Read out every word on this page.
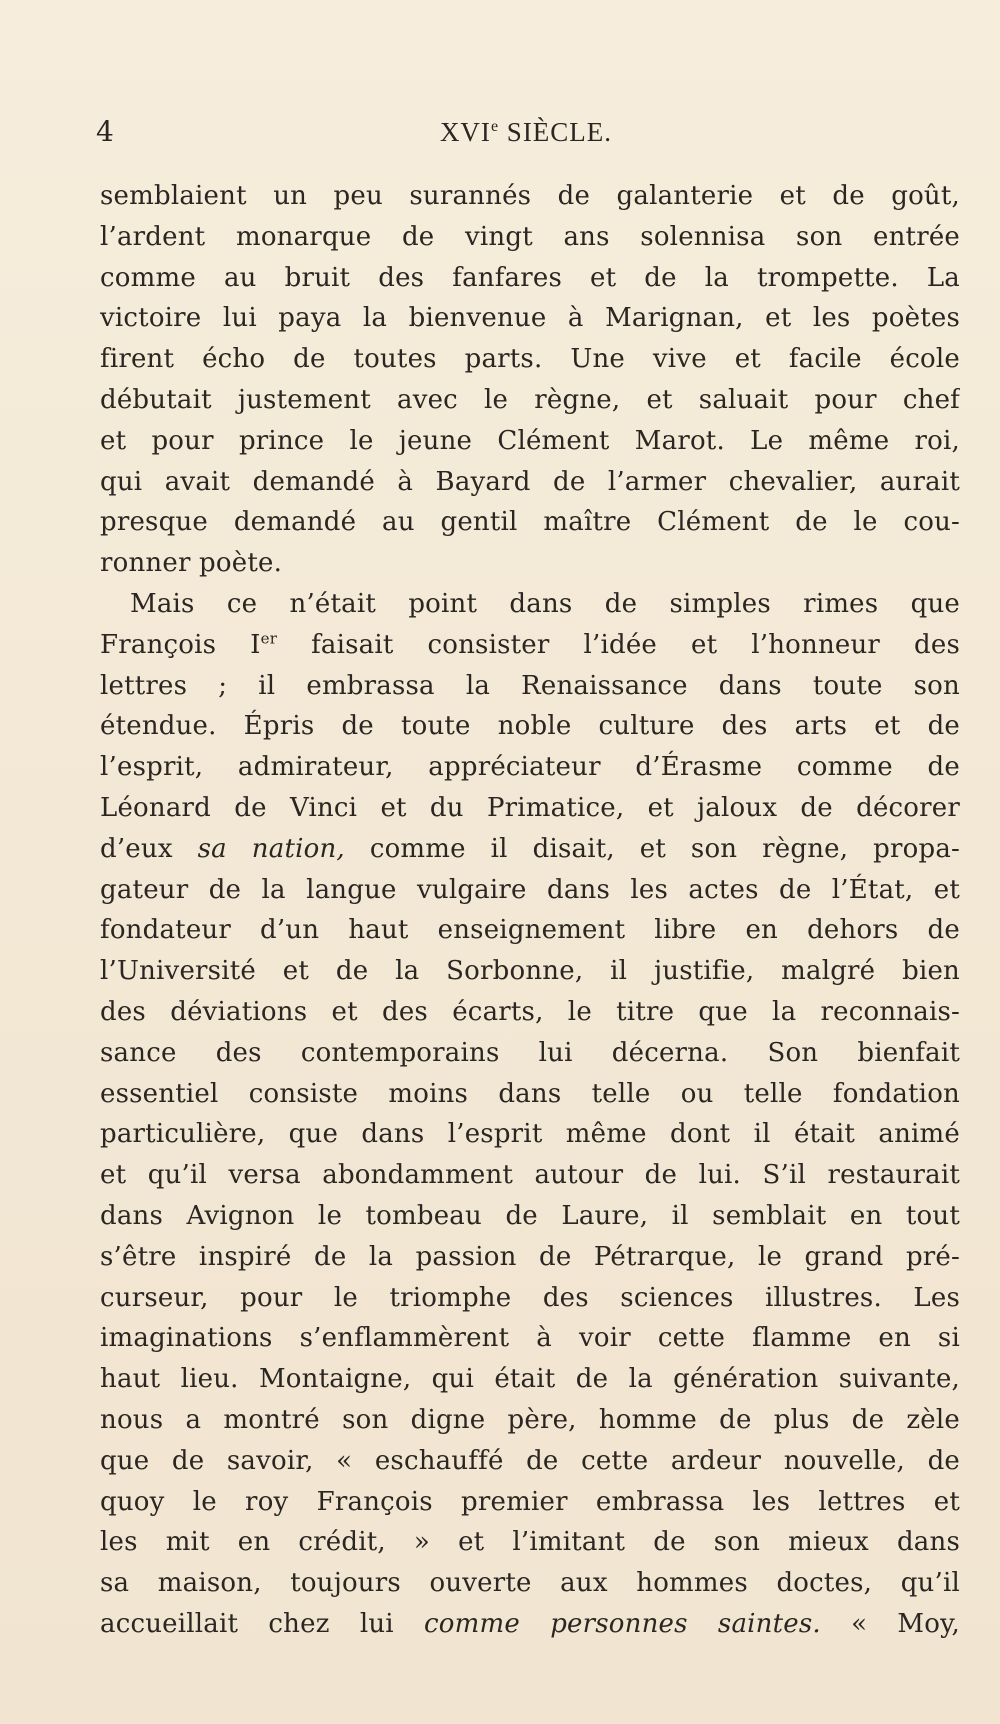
4	XVIe SIÈCLE.
semblaient un peu surannés de galanterie et de goût,
l’ardent monarque de vingt ans solennisa son entrée
comme au bruit des fanfares et de la trompette. La
victoire lui paya la bienvenue à Marignan, et les poètes
firent écho de toutes parts. Une vive et facile école
débutait justement avec le règne, et saluait pour chef
et pour prince le jeune Clément Marot. Le même roi,
qui avait demandé à Bayard de l’armer chevalier, aurait
presque demandé au gentil maître Clément de le cou-
ronner poète.
Mais ce n’était point dans de simples rimes que
François Ier faisait consister l’idée et l’honneur des
lettres ; il embrassa la Renaissance dans toute son
étendue. Épris de toute noble culture des arts et de
l’esprit, admirateur, appréciateur d’Érasme comme de
Léonard de Vinci et du Primatice, et jaloux de décorer
d’eux sa nation, comme il disait, et son règne, propa-
gateur de la langue vulgaire dans les actes de l’État, et
fondateur d’un haut enseignement libre en dehors de
l’Université et de la Sorbonne, il justifie, malgré bien
des déviations et des écarts, le titre que la reconnais-
sance des contemporains lui décerna. Son bienfait
essentiel consiste moins dans telle ou telle fondation
particulière, que dans l’esprit même dont il était animé
et qu’il versa abondamment autour de lui. S’il restaurait
dans Avignon le tombeau de Laure, il semblait en tout
s’être inspiré de la passion de Pétrarque, le grand pré-
curseur, pour le triomphe des sciences illustres. Les
imaginations s’enflammèrent à voir cette flamme en si
haut lieu. Montaigne, qui était de la génération suivante,
nous a montré son digne père, homme de plus de zèle
que de savoir, « eschauffé de cette ardeur nouvelle, de
quoy le roy François premier embrassa les lettres et
les mit en crédit, » et l’imitant de son mieux dans
sa maison, toujours ouverte aux hommes doctes, qu’il
accueillait chez lui comme personnes saintes. « Moy,
